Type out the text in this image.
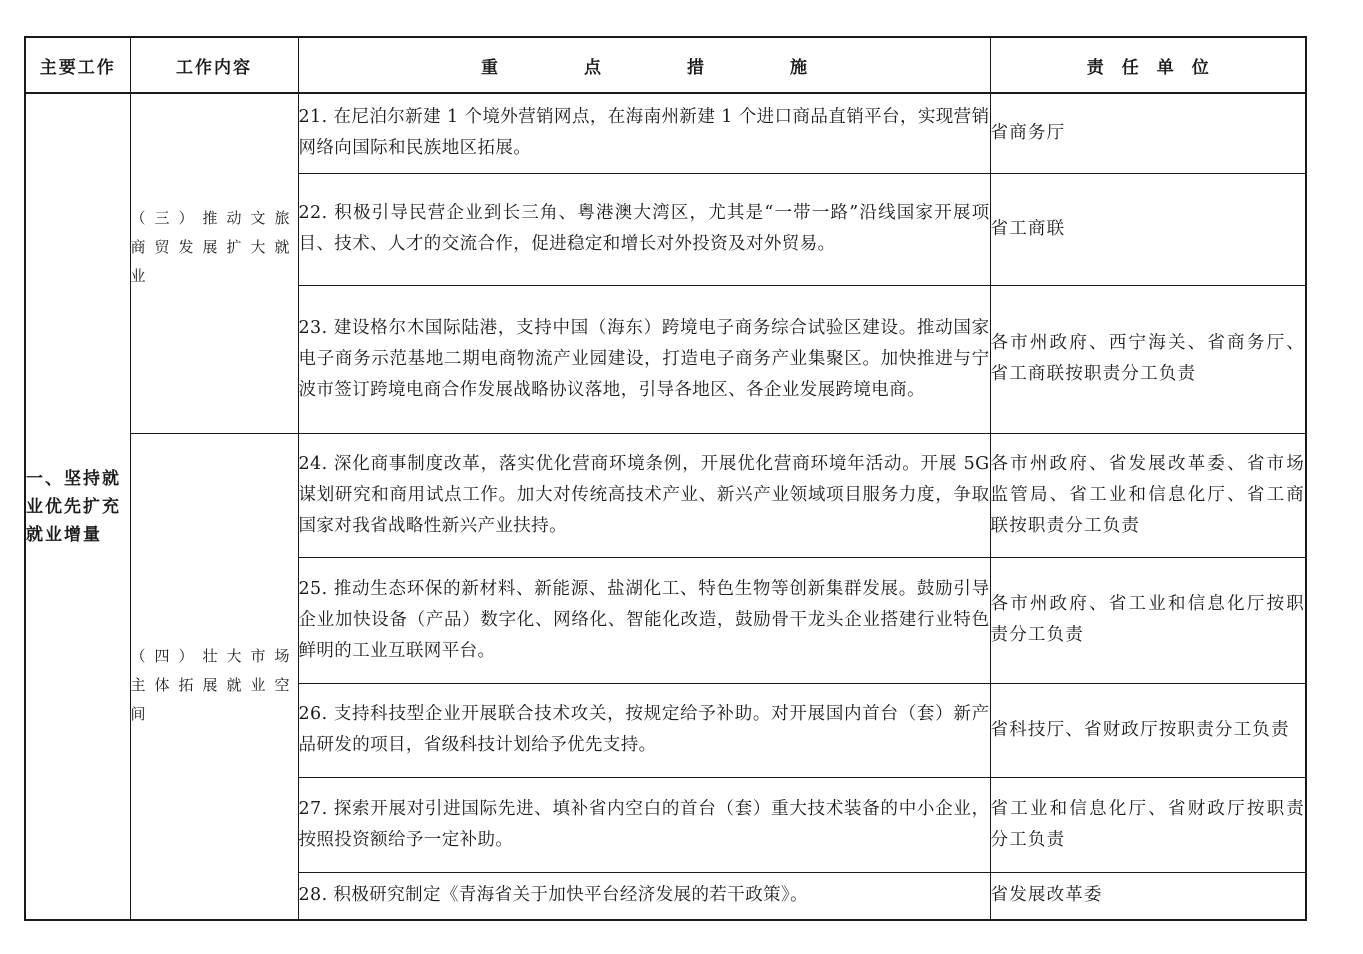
主要工作	工作内容	重点措施	责任单位
一、坚持就业优先扩充就业增量	（三）推动文旅商贸发展扩大就业	21. 在尼泊尔新建 1 个境外营销网点，在海南州新建 1 个进口商品直销平台，实现营销网络向国际和民族地区拓展。	省商务厅
		22. 积极引导民营企业到长三角、粤港澳大湾区，尤其是“一带一路”沿线国家开展项目、技术、人才的交流合作，促进稳定和增长对外投资及对外贸易。	省工商联
		23. 建设格尔木国际陆港，支持中国（海东）跨境电子商务综合试验区建设。推动国家电子商务示范基地二期电商物流产业园建设，打造电子商务产业集聚区。加快推进与宁波市签订跨境电商合作发展战略协议落地，引导各地区、各企业发展跨境电商。	各市州政府、西宁海关、省商务厅、省工商联按职责分工负责
	（四）壮大市场主体拓展就业空间	24. 深化商事制度改革，落实优化营商环境条例，开展优化营商环境年活动。开展 5G 谋划研究和商用试点工作。加大对传统高技术产业、新兴产业领域项目服务力度，争取国家对我省战略性新兴产业扶持。	各市州政府、省发展改革委、省市场监管局、省工业和信息化厅、省工商联按职责分工负责
		25. 推动生态环保的新材料、新能源、盐湖化工、特色生物等创新集群发展。鼓励引导企业加快设备（产品）数字化、网络化、智能化改造，鼓励骨干龙头企业搭建行业特色鲜明的工业互联网平台。	各市州政府、省工业和信息化厅按职责分工负责
		26. 支持科技型企业开展联合技术攻关，按规定给予补助。对开展国内首台（套）新产品研发的项目，省级科技计划给予优先支持。	省科技厅、省财政厅按职责分工负责
		27. 探索开展对引进国际先进、填补省内空白的首台（套）重大技术装备的中小企业，按照投资额给予一定补助。	省工业和信息化厅、省财政厅按职责分工负责
		28. 积极研究制定《青海省关于加快平台经济发展的若干政策》。	省发展改革委
